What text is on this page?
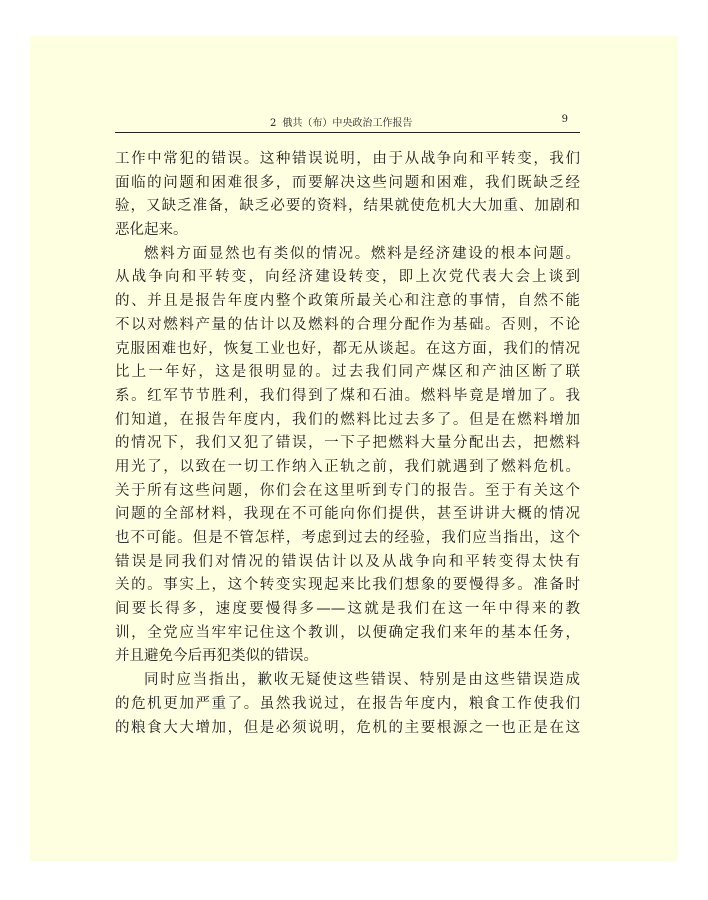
2 俄共（布）中央政治工作报告	9
工作中常犯的错误。这种错误说明，由于从战争向和平转变，我们
面临的问题和困难很多，而要解决这些问题和困难，我们既缺乏经
验，又缺乏准备，缺乏必要的资料，结果就使危机大大加重、加剧和
恶化起来。
燃料方面显然也有类似的情况。燃料是经济建设的根本问题。
从战争向和平转变，向经济建设转变，即上次党代表大会上谈到
的、并且是报告年度内整个政策所最关心和注意的事情，自然不能
不以对燃料产量的估计以及燃料的合理分配作为基础。否则，不论
克服困难也好，恢复工业也好，都无从谈起。在这方面，我们的情况
比上一年好，这是很明显的。过去我们同产煤区和产油区断了联
系。红军节节胜利，我们得到了煤和石油。燃料毕竟是增加了。我
们知道，在报告年度内，我们的燃料比过去多了。但是在燃料增加
的情况下，我们又犯了错误，一下子把燃料大量分配出去，把燃料
用光了，以致在一切工作纳入正轨之前，我们就遇到了燃料危机。
关于所有这些问题，你们会在这里听到专门的报告。至于有关这个
问题的全部材料，我现在不可能向你们提供，甚至讲讲大概的情况
也不可能。但是不管怎样，考虑到过去的经验，我们应当指出，这个
错误是同我们对情况的错误估计以及从战争向和平转变得太快有
关的。事实上，这个转变实现起来比我们想象的要慢得多。准备时
间要长得多，速度要慢得多——这就是我们在这一年中得来的教
训，全党应当牢牢记住这个教训，以便确定我们来年的基本任务，
并且避免今后再犯类似的错误。
同时应当指出，歉收无疑使这些错误、特别是由这些错误造成
的危机更加严重了。虽然我说过，在报告年度内，粮食工作使我们
的粮食大大增加，但是必须说明，危机的主要根源之一也正是在这
